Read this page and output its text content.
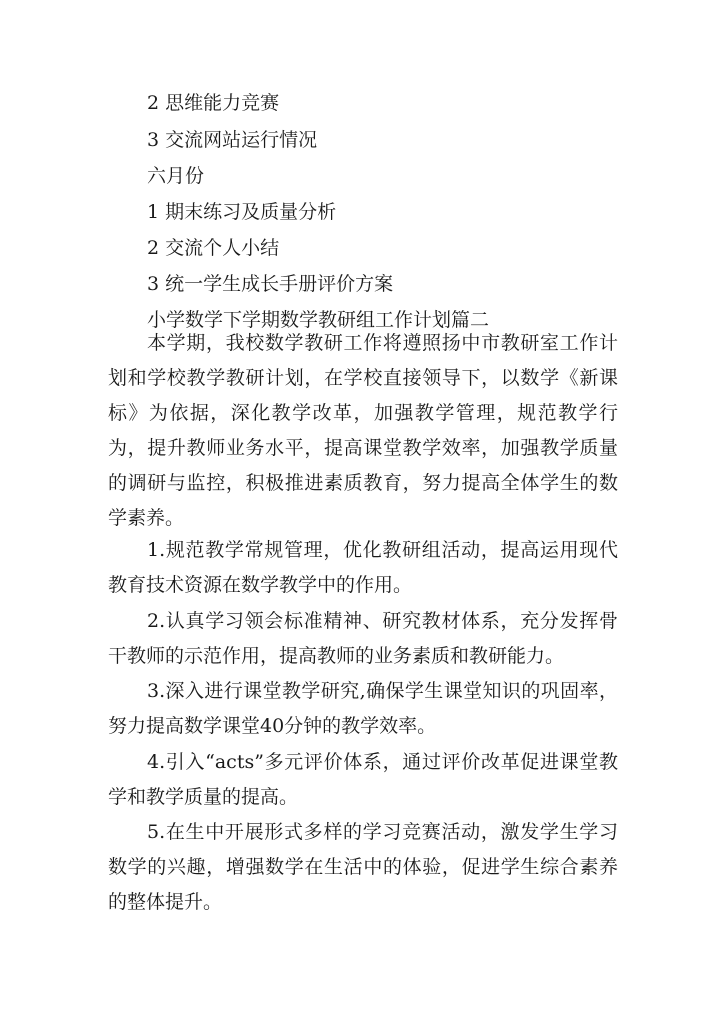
2 思维能力竞赛
3 交流网站运行情况
六月份
1 期末练习及质量分析
2 交流个人小结
3 统一学生成长手册评价方案
小学数学下学期数学教研组工作计划篇二

本学期，我校数学教研工作将遵照扬中市教研室工作计划和学校教学教研计划，在学校直接领导下，以数学《新课标》为依据，深化教学改革，加强教学管理，规范教学行为，提升教师业务水平，提高课堂教学效率，加强教学质量的调研与监控，积极推进素质教育，努力提高全体学生的数学素养。

1.规范教学常规管理，优化教研组活动，提高运用现代教育技术资源在数学教学中的作用。

2.认真学习领会标准精神、研究教材体系，充分发挥骨干教师的示范作用，提高教师的业务素质和教研能力。

3.深入进行课堂教学研究,确保学生课堂知识的巩固率，努力提高数学课堂40分钟的教学效率。

4.引入“acts”多元评价体系，通过评价改革促进课堂教学和教学质量的提高。

5.在生中开展形式多样的学习竞赛活动，激发学生学习数学的兴趣，增强数学在生活中的体验，促进学生综合素养的整体提升。
